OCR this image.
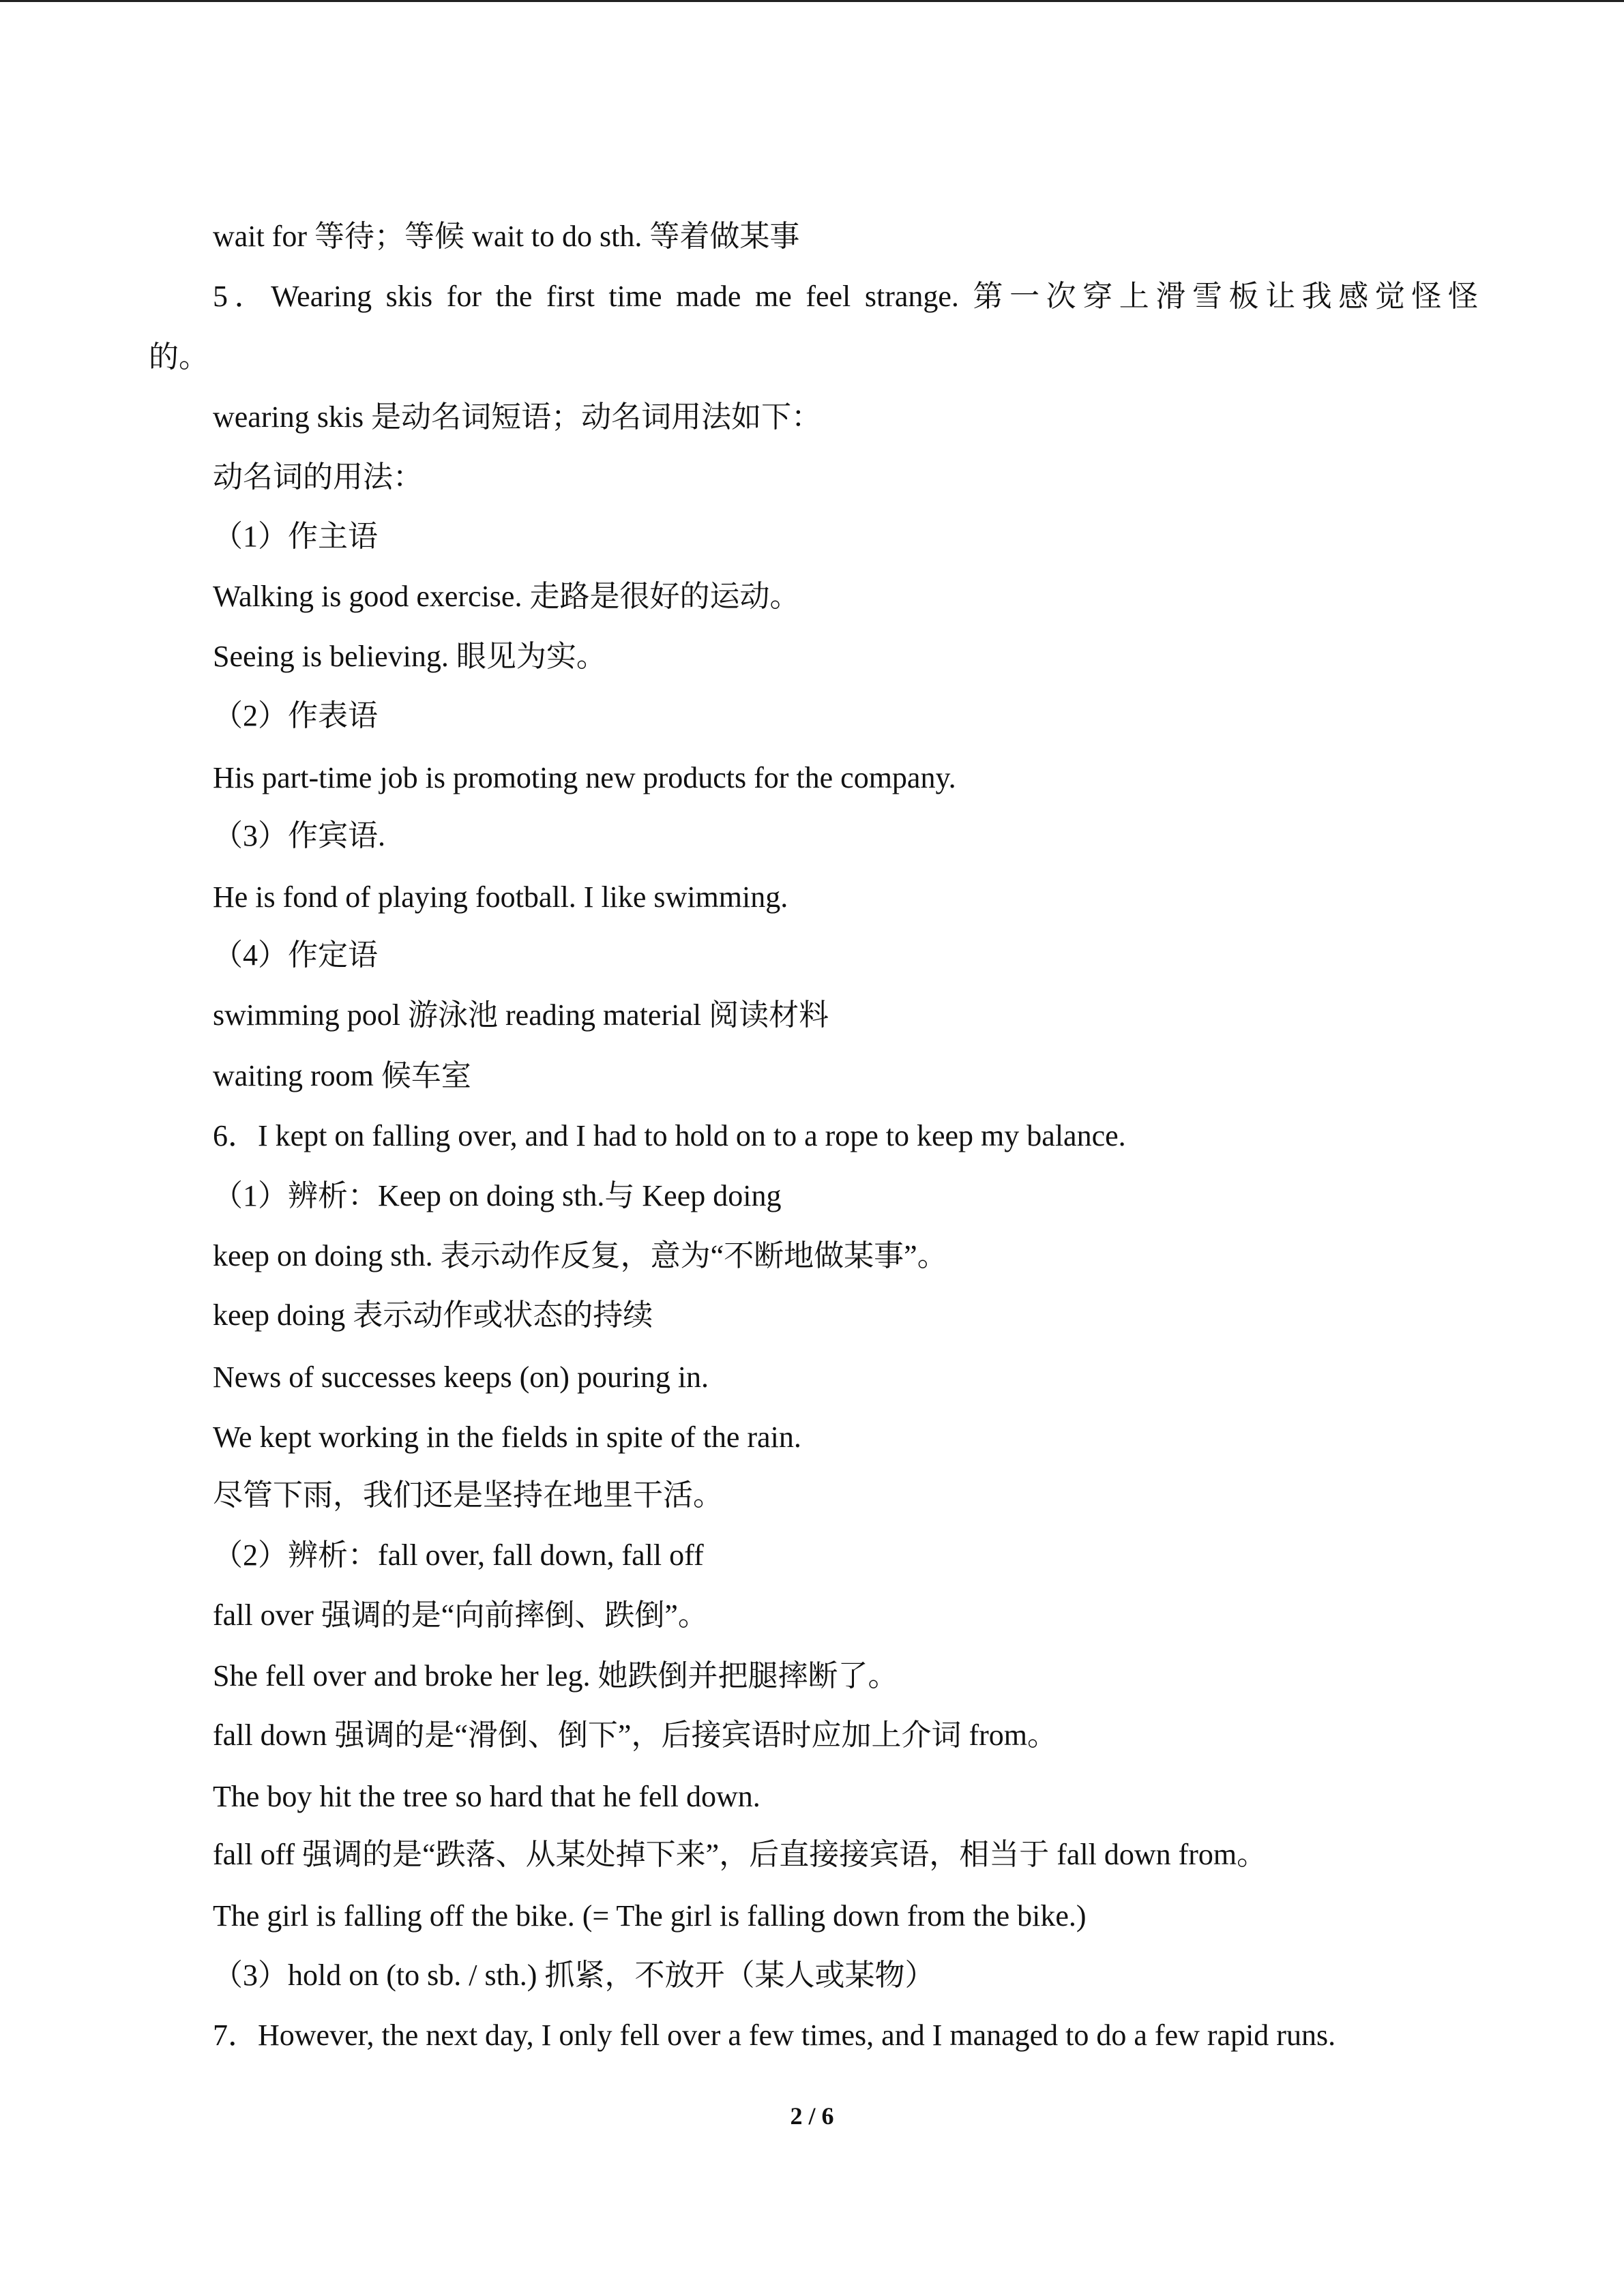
wait for 等待；等候 wait to do sth. 等着做某事
5．Wearing skis for the first time made me feel strange. 第一次穿上滑雪板让我感觉怪怪
的。
wearing skis 是动名词短语；动名词用法如下：
动名词的用法：
（1）作主语
Walking is good exercise. 走路是很好的运动。
Seeing is believing. 眼见为实。
（2）作表语
His part-time job is promoting new products for the company.
（3）作宾语.
He is fond of playing football. I like swimming.
（4）作定语
swimming pool 游泳池 reading material 阅读材料
waiting room 候车室
6．I kept on falling over, and I had to hold on to a rope to keep my balance.
（1）辨析：Keep on doing sth.与 Keep doing
keep on doing sth. 表示动作反复，意为“不断地做某事”。
keep doing 表示动作或状态的持续
News of successes keeps (on) pouring in.
We kept working in the fields in spite of the rain.
尽管下雨，我们还是坚持在地里干活。
（2）辨析：fall over, fall down, fall off
fall over 强调的是“向前摔倒、跌倒”。
She fell over and broke her leg. 她跌倒并把腿摔断了。
fall down 强调的是“滑倒、倒下”，后接宾语时应加上介词 from。
The boy hit the tree so hard that he fell down.
fall off 强调的是“跌落、从某处掉下来”，后直接接宾语，相当于 fall down from。
The girl is falling off the bike. (= The girl is falling down from the bike.)
（3）hold on (to sb. / sth.) 抓紧，不放开（某人或某物）
7．However, the next day, I only fell over a few times, and I managed to do a few rapid runs.
2 / 6
